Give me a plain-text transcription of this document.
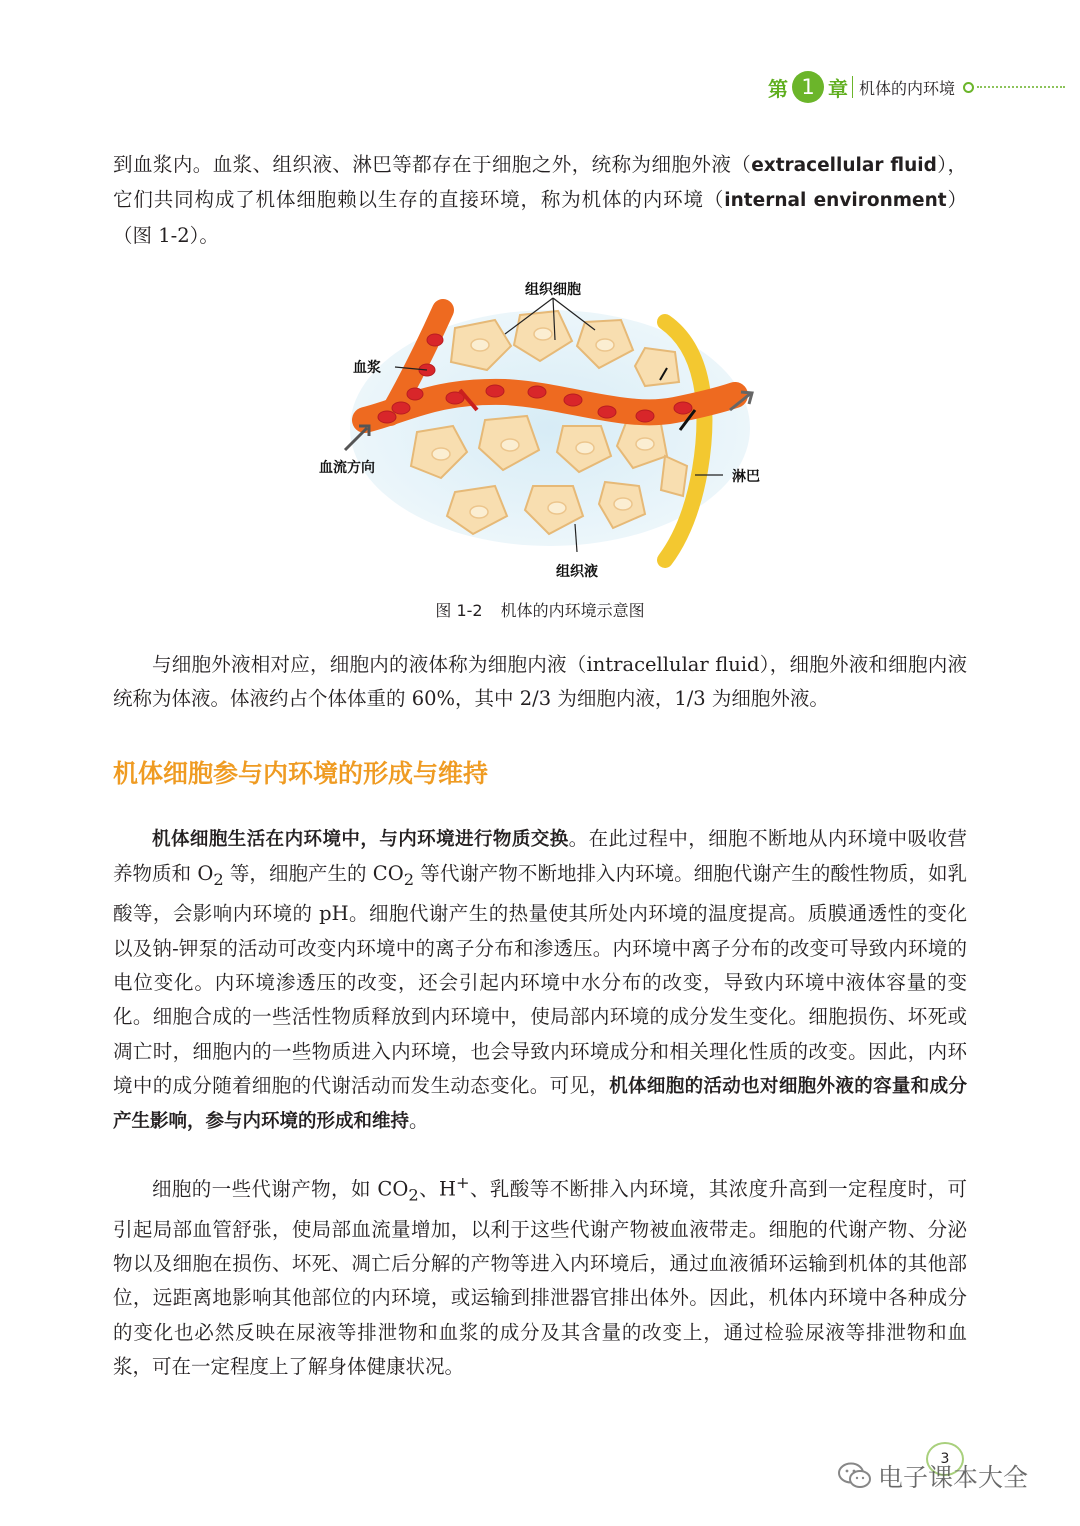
第 1 章 机体的内环境

到血浆内。血浆、组织液、淋巴等都存在于细胞之外，统称为细胞外液（extracellular fluid），它们共同构成了机体细胞赖以生存的直接环境，称为机体的内环境（internal environment）（图 1-2）。

组织细胞
血浆
血流方向
淋巴
组织液
图 1-2 机体的内环境示意图

与细胞外液相对应，细胞内的液体称为细胞内液（intracellular fluid），细胞外液和细胞内液统称为体液。体液约占个体体重的 60%，其中 2/3 为细胞内液，1/3 为细胞外液。

机体细胞参与内环境的形成与维持

机体细胞生活在内环境中，与内环境进行物质交换。在此过程中，细胞不断地从内环境中吸收营养物质和 $O_2$ 等，细胞产生的 $CO_2$ 等代谢产物不断地排入内环境。细胞代谢产生的酸性物质，如乳酸等，会影响内环境的 pH。细胞代谢产生的热量使其所处内环境的温度提高。质膜通透性的变化以及钠-钾泵的活动可改变内环境中的离子分布和渗透压。内环境中离子分布的改变可导致内环境的电位变化。内环境渗透压的改变，还会引起内环境中水分布的改变，导致内环境中液体容量的变化。细胞合成的一些活性物质释放到内环境中，使局部内环境的成分发生变化。细胞损伤、坏死或凋亡时，细胞内的一些物质进入内环境，也会导致内环境成分和相关理化性质的改变。因此，内环境中的成分随着细胞的代谢活动而发生动态变化。可见，机体细胞的活动也对细胞外液的容量和成分产生影响，参与内环境的形成和维持。

细胞的一些代谢产物，如 $CO_2$、H+、乳酸等不断排入内环境，其浓度升高到一定程度时，可引起局部血管舒张，使局部血流量增加，以利于这些代谢产物被血液带走。细胞的代谢产物、分泌物以及细胞在损伤、坏死、凋亡后分解的产物等进入内环境后，通过血液循环运输到机体的其他部位，远距离地影响其他部位的内环境，或运输到排泄器官排出体外。因此，机体内环境中各种成分的变化也必然反映在尿液等排泄物和血浆的成分及其含量的改变上，通过检验尿液等排泄物和血浆，可在一定程度上了解身体健康状况。

3
电子课本大全
